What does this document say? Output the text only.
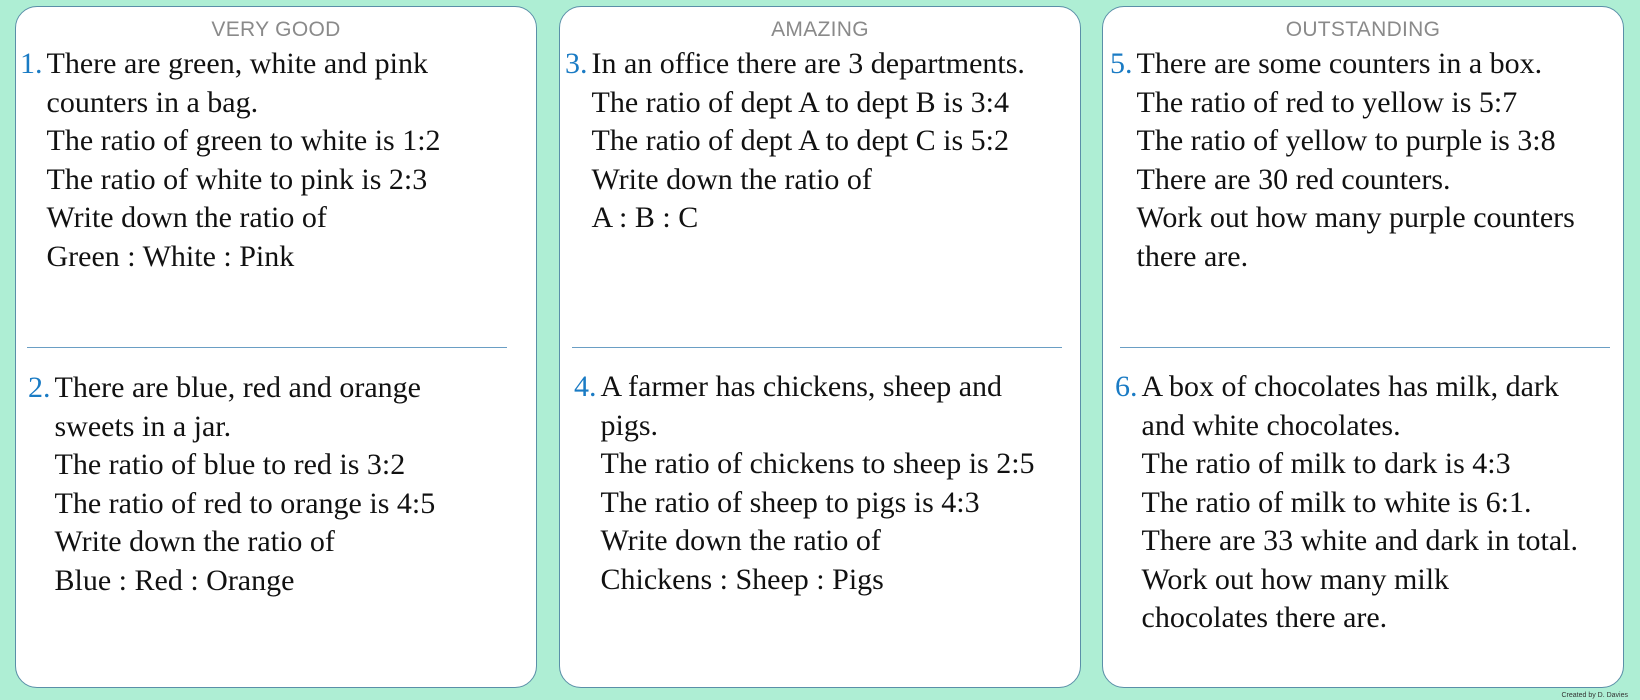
VERY GOOD
1. There are green, white and pink
counters in a bag.
The ratio of green to white is 1:2
The ratio of white to pink is 2:3
Write down the ratio of
Green : White : Pink
2. There are blue, red and orange
sweets in a jar.
The ratio of blue to red is 3:2
The ratio of red to orange is 4:5
Write down the ratio of
Blue : Red : Orange
AMAZING
3. In an office there are 3 departments.
The ratio of dept A to dept B is 3:4
The ratio of dept A to dept C is 5:2
Write down the ratio of
A : B : C
4. A farmer has chickens, sheep and
pigs.
The ratio of chickens to sheep is 2:5
The ratio of sheep to pigs is 4:3
Write down the ratio of
Chickens : Sheep : Pigs
OUTSTANDING
5. There are some counters in a box.
The ratio of red to yellow is 5:7
The ratio of yellow to purple is 3:8
There are 30 red counters.
Work out how many purple counters
there are.
6. A box of chocolates has milk, dark
and white chocolates.
The ratio of milk to dark is 4:3
The ratio of milk to white is 6:1.
There are 33 white and dark in total.
Work out how many milk
chocolates there are.
Created by D. Davies
